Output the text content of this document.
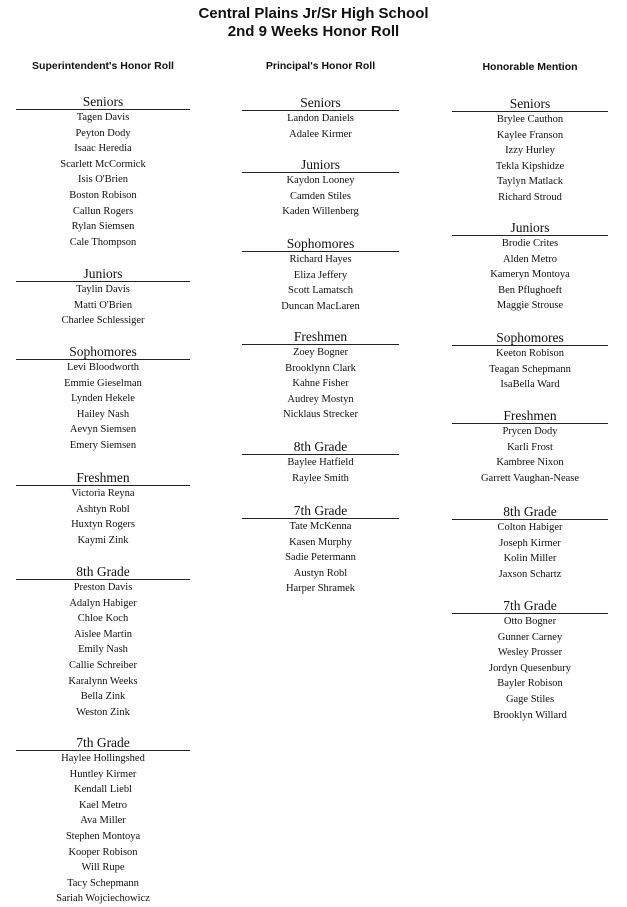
Central Plains Jr/Sr High School
2nd 9 Weeks Honor Roll
Superintendent's Honor Roll
Seniors
Tagen Davis
Peyton Dody
Isaac Heredia
Scarlett McCormick
Isis O'Brien
Boston Robison
Callun Rogers
Rylan Siemsen
Cale Thompson
Juniors
Taylin Davis
Matti O'Brien
Charlee Schlessiger
Sophomores
Levi Bloodworth
Emmie Gieselman
Lynden Hekele
Hailey Nash
Aevyn Siemsen
Emery Siemsen
Freshmen
Victoria Reyna
Ashtyn Robl
Huxtyn Rogers
Kaymi Zink
8th Grade
Preston Davis
Adalyn Habiger
Chloe Koch
Aislee Martin
Emily Nash
Callie Schreiber
Karalynn Weeks
Bella Zink
Weston Zink
7th Grade
Haylee Hollingshed
Huntley Kirmer
Kendall Liebl
Kael Metro
Ava Miller
Stephen Montoya
Kooper Robison
Will Rupe
Tacy Schepmann
Sariah Wojciechowicz
Principal's Honor Roll
Seniors
Landon Daniels
Adalee Kirmer
Juniors
Kaydon Looney
Camden Stiles
Kaden Willenberg
Sophomores
Richard Hayes
Eliza Jeffery
Scott Lamatsch
Duncan MacLaren
Freshmen
Zoey Bogner
Brooklynn Clark
Kahne Fisher
Audrey Mostyn
Nicklaus Strecker
8th Grade
Baylee Hatfield
Raylee Smith
7th Grade
Tate McKenna
Kasen Murphy
Sadie Petermann
Austyn Robl
Harper Shramek
Honorable Mention
Seniors
Brylee Cauthon
Kaylee Franson
Izzy Hurley
Tekla Kipshidze
Taylyn Matlack
Richard Stroud
Juniors
Brodie Crites
Alden Metro
Kameryn Montoya
Ben Pflughoeft
Maggie Strouse
Sophomores
Keeton Robison
Teagan Schepmann
IsaBella Ward
Freshmen
Prycen Dody
Karli Frost
Kambree Nixon
Garrett Vaughan-Nease
8th Grade
Colton Habiger
Joseph Kirmer
Kolin Miller
Jaxson Schartz
7th Grade
Otto Bogner
Gunner Carney
Wesley Prosser
Jordyn Quesenbury
Bayler Robison
Gage Stiles
Brooklyn Willard
